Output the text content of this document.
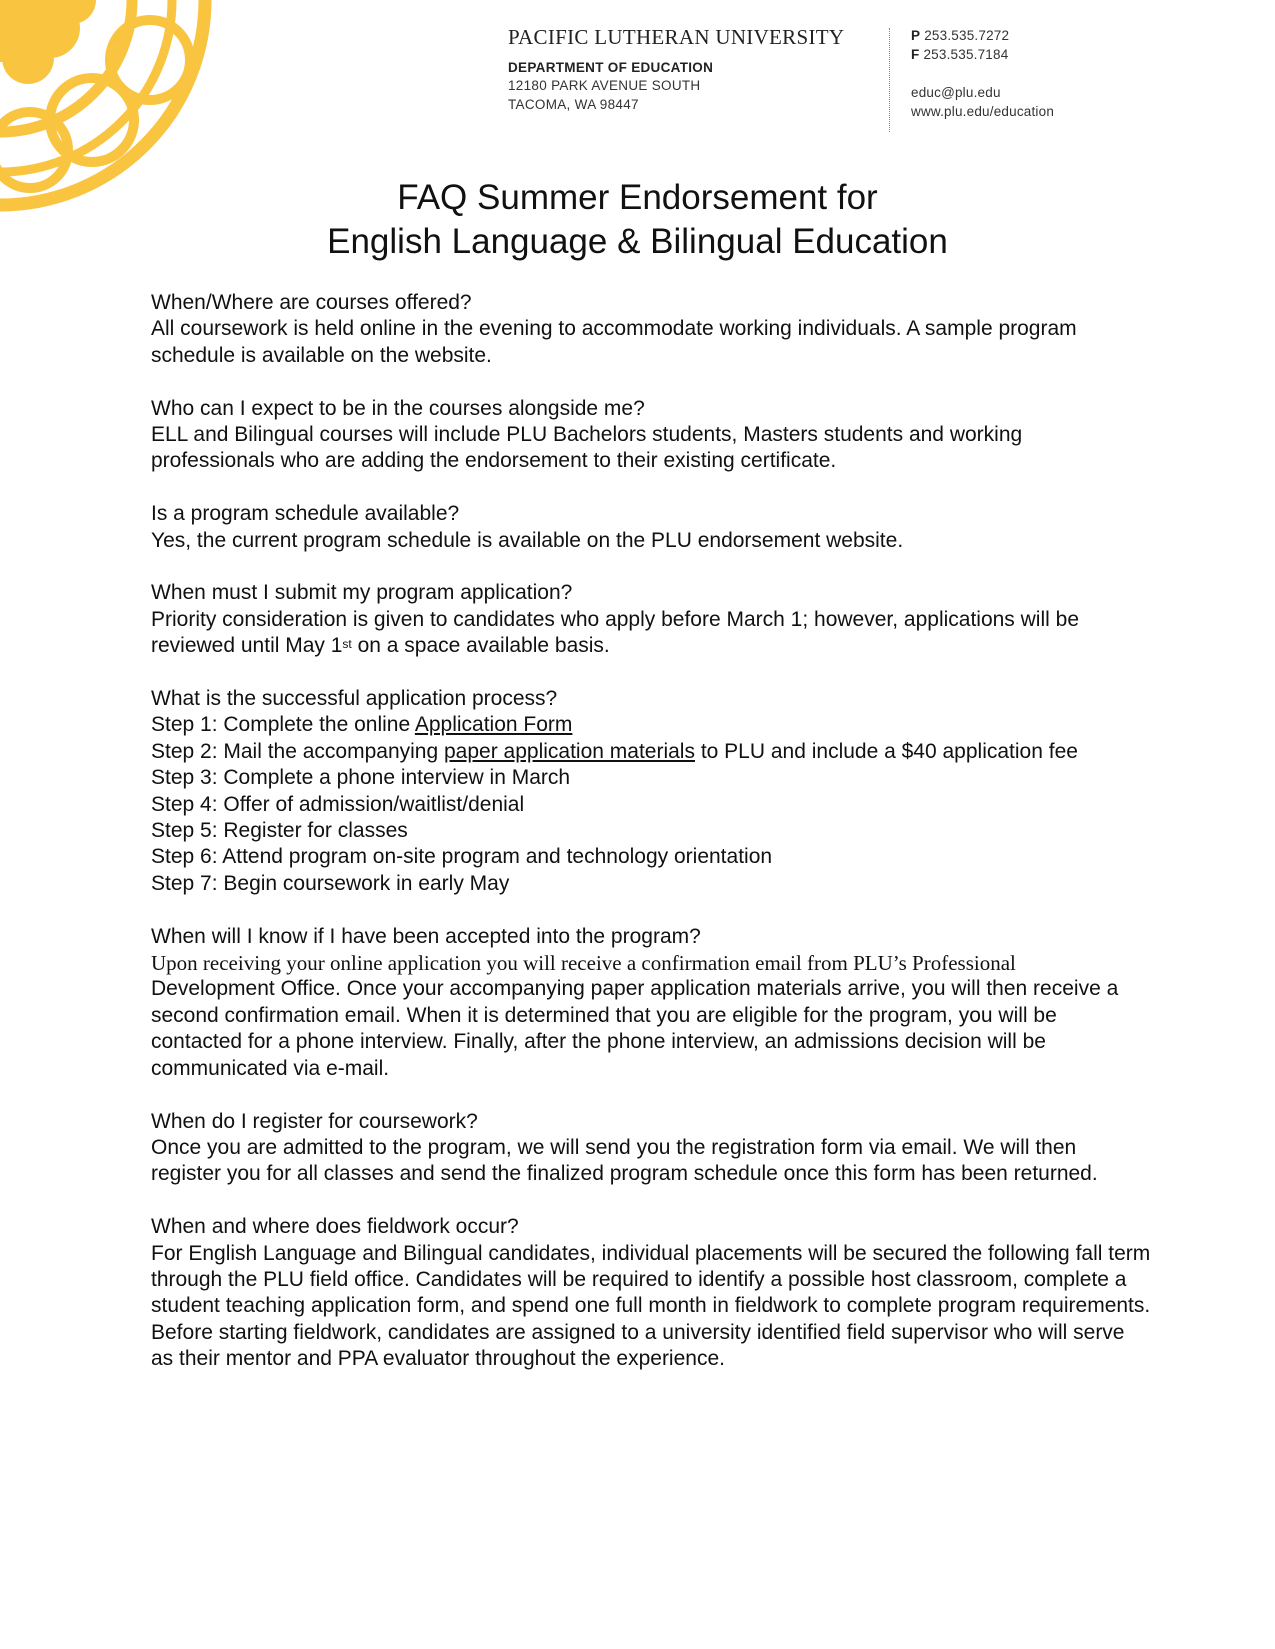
PACIFIC LUTHERAN UNIVERSITY
DEPARTMENT OF EDUCATION
12180 PARK AVENUE SOUTH
TACOMA, WA 98447
P 253.535.7272
F 253.535.7184
educ@plu.edu
www.plu.edu/education
FAQ Summer Endorsement for
English Language & Bilingual Education

When/Where are courses offered?

All coursework is held online in the evening to accommodate working individuals. A sample program schedule is available on the website.

Who can I expect to be in the courses alongside me?

ELL and Bilingual courses will include PLU Bachelors students, Masters students and working professionals who are adding the endorsement to their existing certificate.

Is a program schedule available?

Yes, the current program schedule is available on the PLU endorsement website.

When must I submit my program application?

Priority consideration is given to candidates who apply before March 1; however, applications will be reviewed until May 1st on a space available basis.

What is the successful application process?

Step 1: Complete the online Application Form

Step 2: Mail the accompanying paper application materials to PLU and include a $40 application fee

Step 3: Complete a phone interview in March

Step 4: Offer of admission/waitlist/denial

Step 5: Register for classes

Step 6: Attend program on-site program and technology orientation

Step 7: Begin coursework in early May

When will I know if I have been accepted into the program?

Upon receiving your online application you will receive a confirmation email from PLU’s Professional

Development Office. Once your accompanying paper application materials arrive, you will then receive a second confirmation email. When it is determined that you are eligible for the program, you will be contacted for a phone interview. Finally, after the phone interview, an admissions decision will be communicated via e-mail.

When do I register for coursework?

Once you are admitted to the program, we will send you the registration form via email. We will then register you for all classes and send the finalized program schedule once this form has been returned.

When and where does fieldwork occur?

For English Language and Bilingual candidates, individual placements will be secured the following fall term through the PLU field office. Candidates will be required to identify a possible host classroom, complete a student teaching application form, and spend one full month in fieldwork to complete program requirements. Before starting fieldwork, candidates are assigned to a university identified field supervisor who will serve as their mentor and PPA evaluator throughout the experience.
